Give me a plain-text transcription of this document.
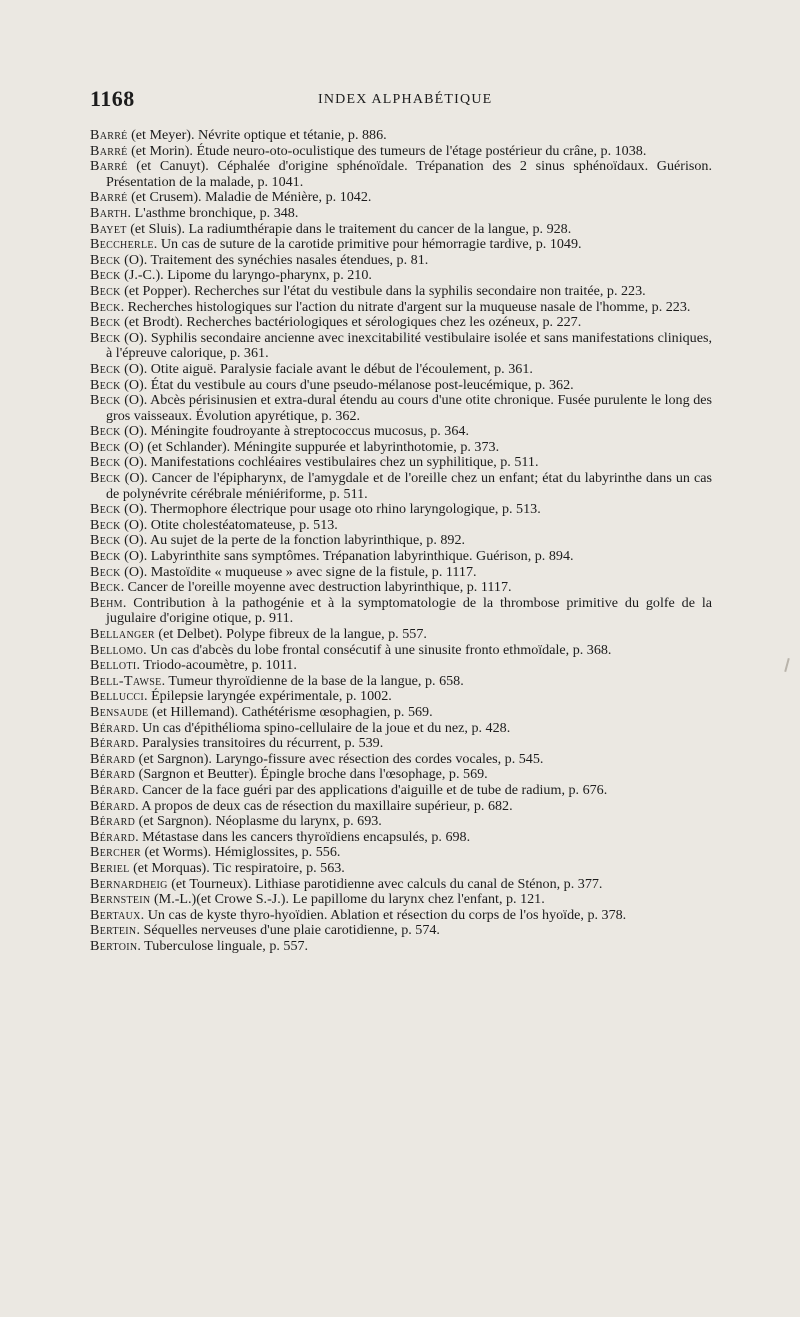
1168	INDEX ALPHABÉTIQUE

Barré (et Meyer). Névrite optique et tétanie, p. 886.

Barré (et Morin). Étude neuro-oto-oculistique des tumeurs de l'étage postérieur du crâne, p. 1038.

Barré (et Canuyt). Céphalée d'origine sphénoïdale. Trépanation des 2 sinus sphénoïdaux. Guérison. Présentation de la malade, p. 1041.

Barré (et Crusem). Maladie de Ménière, p. 1042.

Barth. L'asthme bronchique, p. 348.

Bayet (et Sluis). La radiumthérapie dans le traitement du cancer de la langue, p. 928.

Beccherle. Un cas de suture de la carotide primitive pour hémorragie tardive, p. 1049.

Beck (O). Traitement des synéchies nasales étendues, p. 81.

Beck (J.-C.). Lipome du laryngo-pharynx, p. 210.

Beck (et Popper). Recherches sur l'état du vestibule dans la syphilis secondaire non traitée, p. 223.

Beck. Recherches histologiques sur l'action du nitrate d'argent sur la muqueuse nasale de l'homme, p. 223.

Beck (et Brodt). Recherches bactériologiques et sérologiques chez les ozéneux, p. 227.

Beck (O). Syphilis secondaire ancienne avec inexcitabilité vestibulaire isolée et sans manifestations cliniques, à l'épreuve calorique, p. 361.

Beck (O). Otite aiguë. Paralysie faciale avant le début de l'écoulement, p. 361.

Beck (O). État du vestibule au cours d'une pseudo-mélanose post-leucémique, p. 362.

Beck (O). Abcès périsinusien et extra-dural étendu au cours d'une otite chronique. Fusée purulente le long des gros vaisseaux. Évolution apyrétique, p. 362.

Beck (O). Méningite foudroyante à streptococcus mucosus, p. 364.

Beck (O) (et Schlander). Méningite suppurée et labyrinthotomie, p. 373.

Beck (O). Manifestations cochléaires vestibulaires chez un syphilitique, p. 511.

Beck (O). Cancer de l'épipharynx, de l'amygdale et de l'oreille chez un enfant; état du labyrinthe dans un cas de polynévrite cérébrale méniériforme, p. 511.

Beck (O). Thermophore électrique pour usage oto rhino laryngologique, p. 513.

Beck (O). Otite cholestéatomateuse, p. 513.

Beck (O). Au sujet de la perte de la fonction labyrinthique, p. 892.

Beck (O). Labyrinthite sans symptômes. Trépanation labyrinthique. Guérison, p. 894.

Beck (O). Mastoïdite « muqueuse » avec signe de la fistule, p. 1117.

Beck. Cancer de l'oreille moyenne avec destruction labyrinthique, p. 1117.

Behm. Contribution à la pathogénie et à la symptomatologie de la thrombose primitive du golfe de la jugulaire d'origine otique, p. 911.

Bellanger (et Delbet). Polype fibreux de la langue, p. 557.

Bellomo. Un cas d'abcès du lobe frontal consécutif à une sinusite fronto ethmoïdale, p. 368.

Belloti. Triodo-acoumètre, p. 1011.

Bell-Tawse. Tumeur thyroïdienne de la base de la langue, p. 658.

Bellucci. Épilepsie laryngée expérimentale, p. 1002.

Bensaude (et Hillemand). Cathétérisme œsophagien, p. 569.

Bérard. Un cas d'épithélioma spino-cellulaire de la joue et du nez, p. 428.

Bérard. Paralysies transitoires du récurrent, p. 539.

Bérard (et Sargnon). Laryngo-fissure avec résection des cordes vocales, p. 545.

Bérard (Sargnon et Beutter). Épingle broche dans l'œsophage, p. 569.

Bérard. Cancer de la face guéri par des applications d'aiguille et de tube de radium, p. 676.

Bérard. A propos de deux cas de résection du maxillaire supérieur, p. 682.

Bérard (et Sargnon). Néoplasme du larynx, p. 693.

Bérard. Métastase dans les cancers thyroïdiens encapsulés, p. 698.

Bercher (et Worms). Hémiglossites, p. 556.

Beriel (et Morquas). Tic respiratoire, p. 563.

Bernardheig (et Tourneux). Lithiase parotidienne avec calculs du canal de Sténon, p. 377.

Bernstein (M.-L.)(et Crowe S.-J.). Le papillome du larynx chez l'enfant, p. 121.

Bertaux. Un cas de kyste thyro-hyoïdien. Ablation et résection du corps de l'os hyoïde, p. 378.

Bertein. Séquelles nerveuses d'une plaie carotidienne, p. 574.

Bertoin. Tuberculose linguale, p. 557.
